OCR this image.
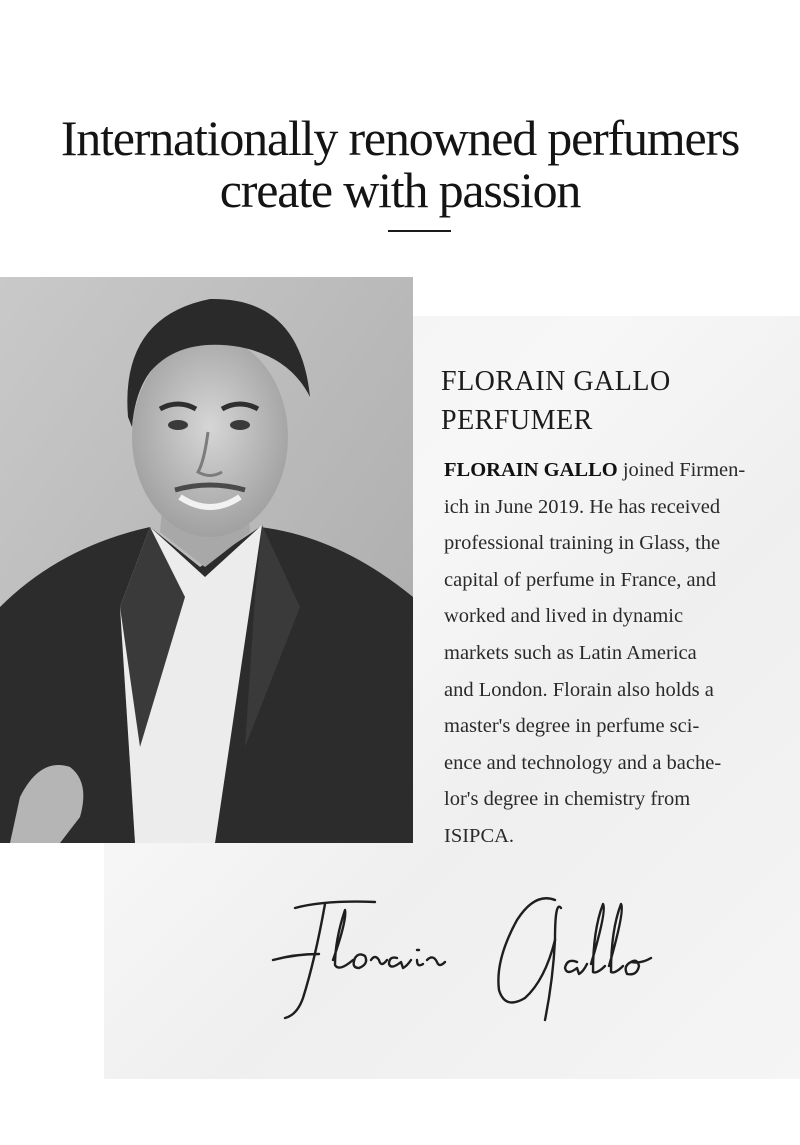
Internationally renowned perfumers
create with passion
FLORAIN GALLO
PERFUMER
FLORAIN GALLO joined Firmen-
ich in June 2019. He has received
professional training in Glass, the
capital of perfume in France, and
worked and lived in dynamic
markets such as Latin America
and London. Florain also holds a
master's degree in perfume sci-
ence and technology and a bache-
lor's degree in chemistry from
ISIPCA.
